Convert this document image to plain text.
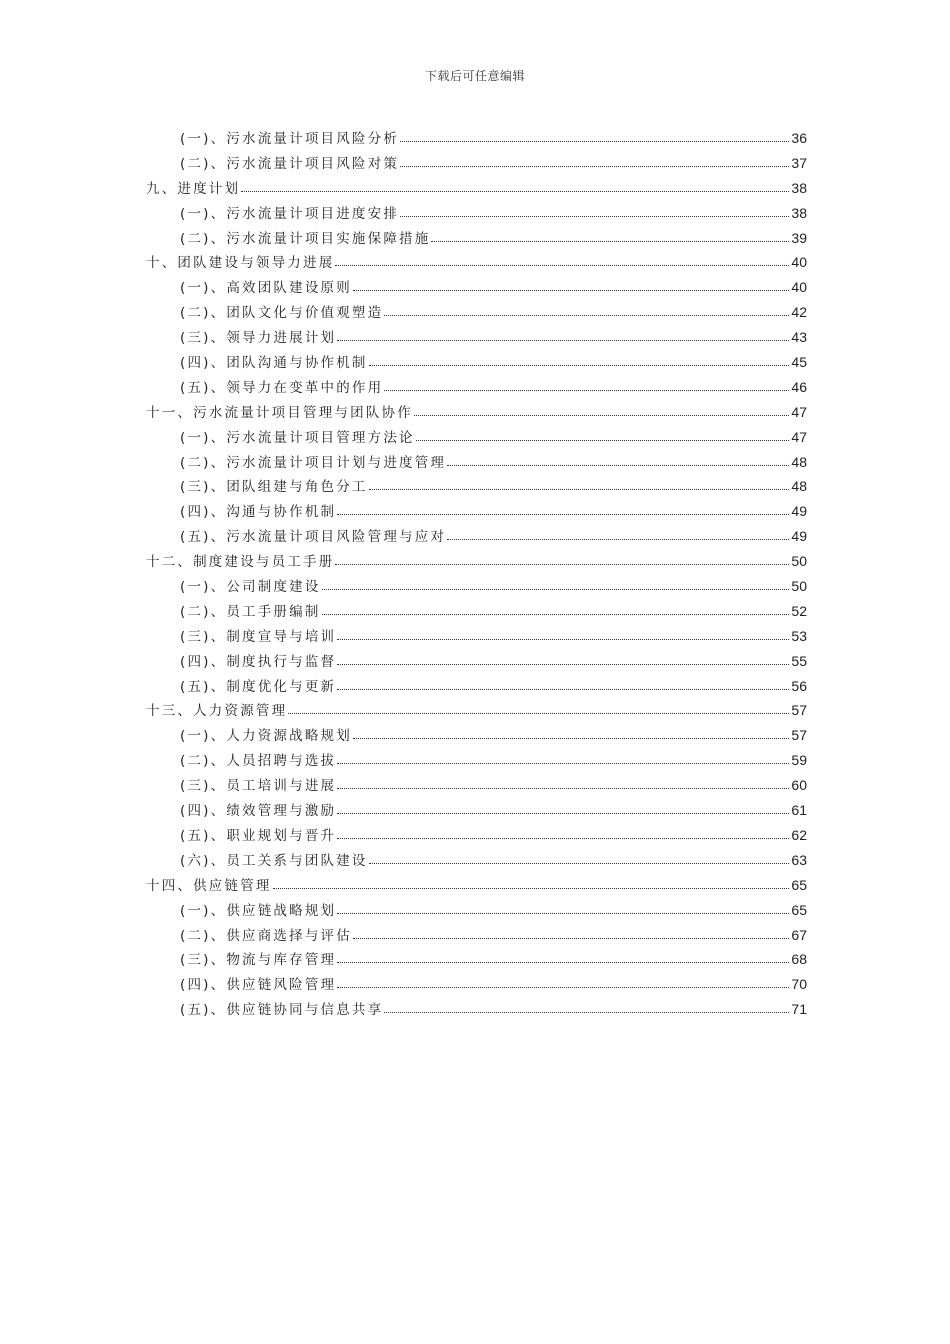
下载后可任意编辑
(一)、污水流量计项目风险分析	36
(二)、污水流量计项目风险对策	37
九、进度计划	38
(一)、污水流量计项目进度安排	38
(二)、污水流量计项目实施保障措施	39
十、团队建设与领导力进展	40
(一)、高效团队建设原则	40
(二)、团队文化与价值观塑造	42
(三)、领导力进展计划	43
(四)、团队沟通与协作机制	45
(五)、领导力在变革中的作用	46
十一、污水流量计项目管理与团队协作	47
(一)、污水流量计项目管理方法论	47
(二)、污水流量计项目计划与进度管理	48
(三)、团队组建与角色分工	48
(四)、沟通与协作机制	49
(五)、污水流量计项目风险管理与应对	49
十二、制度建设与员工手册	50
(一)、公司制度建设	50
(二)、员工手册编制	52
(三)、制度宣导与培训	53
(四)、制度执行与监督	55
(五)、制度优化与更新	56
十三、人力资源管理	57
(一)、人力资源战略规划	57
(二)、人员招聘与选拔	59
(三)、员工培训与进展	60
(四)、绩效管理与激励	61
(五)、职业规划与晋升	62
(六)、员工关系与团队建设	63
十四、供应链管理	65
(一)、供应链战略规划	65
(二)、供应商选择与评估	67
(三)、物流与库存管理	68
(四)、供应链风险管理	70
(五)、供应链协同与信息共享	71
